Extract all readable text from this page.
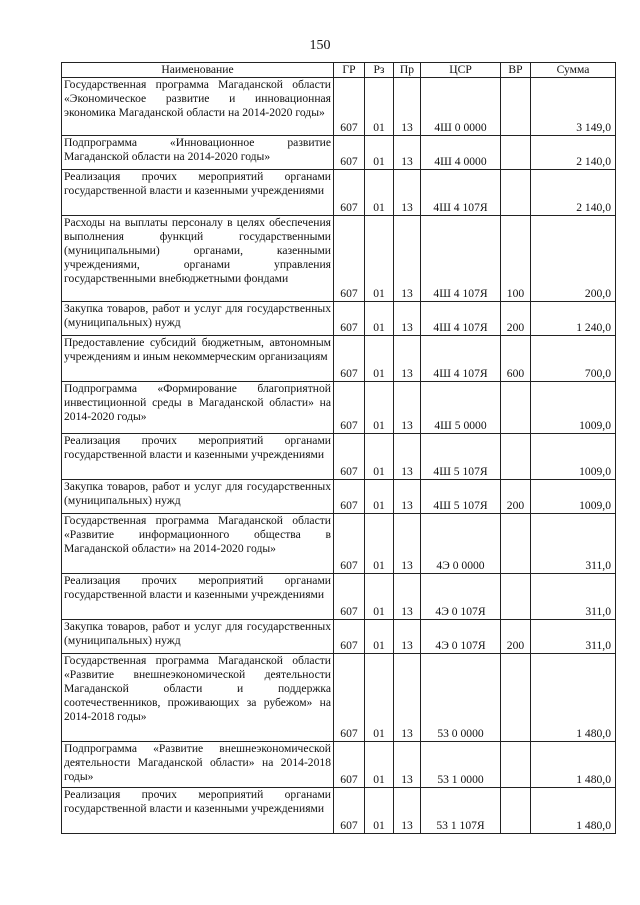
150
Наименование	ГР	Рз	Пр	ЦСР	ВР	Сумма
Государственная программа Магаданской области «Экономическое развитие и инновационная экономика Магаданской области на 2014-2020 годы»	607	01	13	4Ш 0 0000		3 149,0
Подпрограмма «Инновационное развитие Магаданской области на 2014-2020 годы»	607	01	13	4Ш 4 0000		2 140,0
Реализация прочих мероприятий органами государственной власти и казенными учреждениями	607	01	13	4Ш 4 107Я		2 140,0
Расходы на выплаты персоналу в целях обеспечения выполнения функций государственными (муниципальными) органами, казенными учреждениями, органами управления государственными внебюджетными фондами	607	01	13	4Ш 4 107Я	100	200,0
Закупка товаров, работ и услуг для государственных (муниципальных) нужд	607	01	13	4Ш 4 107Я	200	1 240,0
Предоставление субсидий бюджетным, автономным учреждениям и иным некоммерческим организациям	607	01	13	4Ш 4 107Я	600	700,0
Подпрограмма «Формирование благоприятной инвестиционной среды в Магаданской области» на 2014-2020 годы»	607	01	13	4Ш 5 0000		1009,0
Реализация прочих мероприятий органами государственной власти и казенными учреждениями	607	01	13	4Ш 5 107Я		1009,0
Закупка товаров, работ и услуг для государственных (муниципальных) нужд	607	01	13	4Ш 5 107Я	200	1009,0
Государственная программа Магаданской области «Развитие информационного общества в Магаданской области» на 2014-2020 годы»	607	01	13	4Э 0 0000		311,0
Реализация прочих мероприятий органами государственной власти и казенными учреждениями	607	01	13	4Э 0 107Я		311,0
Закупка товаров, работ и услуг для государственных (муниципальных) нужд	607	01	13	4Э 0 107Я	200	311,0
Государственная программа Магаданской области «Развитие внешнеэкономической деятельности Магаданской области и поддержка соотечественников, проживающих за рубежом» на 2014-2018 годы»	607	01	13	53 0 0000		1 480,0
Подпрограмма «Развитие внешнеэкономической деятельности Магаданской области» на 2014-2018 годы»	607	01	13	53 1 0000		1 480,0
Реализация прочих мероприятий органами государственной власти и казенными учреждениями	607	01	13	53 1 107Я		1 480,0
